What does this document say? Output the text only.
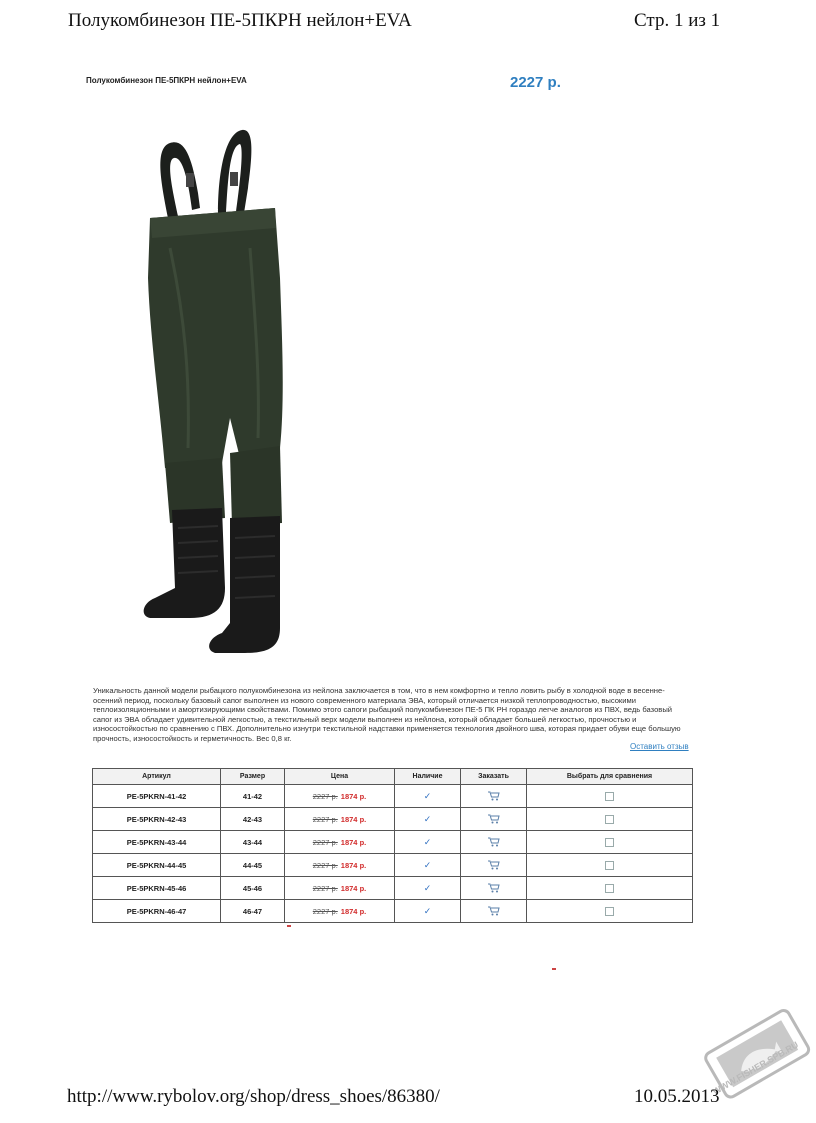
Полукомбинезон ПЕ-5ПКРН нейлон+EVA	Стр. 1 из 1
Полукомбинезон ПЕ-5ПКРН нейлон+EVA	2227 р.
Уникальность данной модели рыбацкого полукомбинезона из нейлона заключается в том, что в нем комфортно и тепло ловить рыбу в холодной воде в весенне-осенний период, поскольку базовый сапог выполнен из нового современного материала ЭВА, который отличается низкой теплопроводностью, высокими теплоизоляционными и амортизирующими свойствами. Помимо этого сапоги рыбацкий полукомбинезон ПЕ-5 ПК РН гораздо легче аналогов из ПВХ, ведь базовый сапог из ЭВА обладает удивительной легкостью, а текстильный верх модели выполнен из нейлона, который обладает большей легкостью, прочностью и износостойкостью по сравнению с ПВХ. Дополнительно изнутри текстильной надставки применяется технология двойного шва, которая придает обуви еще большую прочность, износостойкость и герметичность. Вес 0,8 кг.
Оставить отзыв
Артикул	Размер	Цена	Наличие	Заказать	Выбрать для сравнения
PE-5PKRN-41-42	41-42	2227 р. 1874 р.	✓		
PE-5PKRN-42-43	42-43	2227 р. 1874 р.	✓		
PE-5PKRN-43-44	43-44	2227 р. 1874 р.	✓		
PE-5PKRN-44-45	44-45	2227 р. 1874 р.	✓		
PE-5PKRN-45-46	45-46	2227 р. 1874 р.	✓		
PE-5PKRN-46-47	46-47	2227 р. 1874 р.	✓		
WWW.FISHER.SPB.RU
http://www.rybolov.org/shop/dress_shoes/86380/	10.05.2013
